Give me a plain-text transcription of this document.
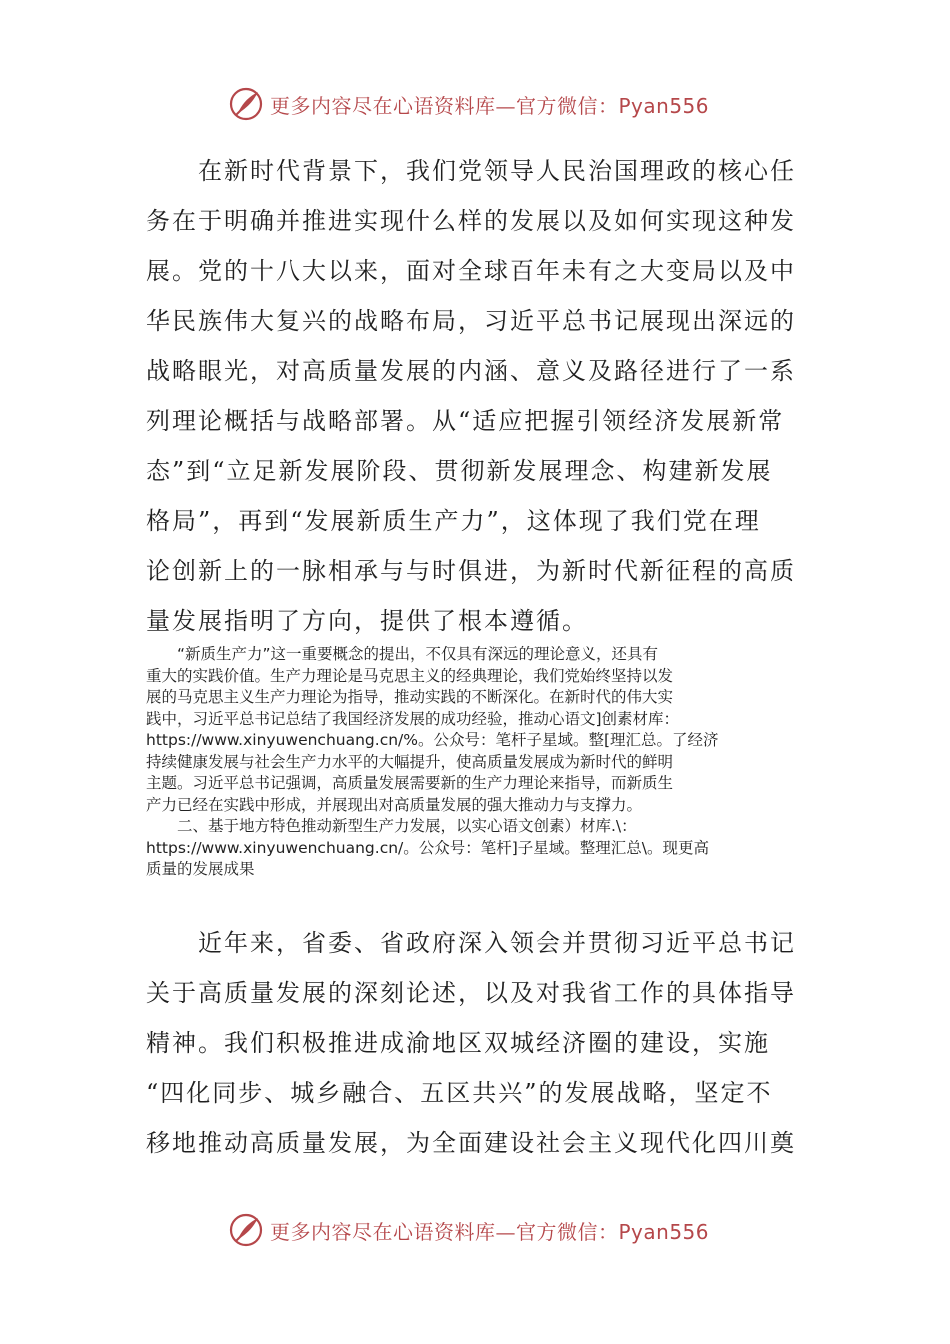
更多内容尽在心语资料库—官方微信：Pyan556
　　在新时代背景下，我们党领导人民治国理政的核心任
务在于明确并推进实现什么样的发展以及如何实现这种发
展。党的十八大以来，面对全球百年未有之大变局以及中
华民族伟大复兴的战略布局，习近平总书记展现出深远的
战略眼光，对高质量发展的内涵、意义及路径进行了一系
列理论概括与战略部署。从“适应把握引领经济发展新常
态”到“立足新发展阶段、贯彻新发展理念、构建新发展
格局”，再到“发展新质生产力”，这体现了我们党在理
论创新上的一脉相承与与时俱进，为新时代新征程的高质
量发展指明了方向，提供了根本遵循。
　　“新质生产力”这一重要概念的提出，不仅具有深远的理论意义，还具有
重大的实践价值。生产力理论是马克思主义的经典理论，我们党始终坚持以发
展的马克思主义生产力理论为指导，推动实践的不断深化。在新时代的伟大实
践中，习近平总书记总结了我国经济发展的成功经验，推动心语文]创素材库：
https://www.xinyuwenchuang.cn/%。公众号：笔杆子星域。整[理汇总。了经济
持续健康发展与社会生产力水平的大幅提升，使高质量发展成为新时代的鲜明
主题。习近平总书记强调，高质量发展需要新的生产力理论来指导，而新质生
产力已经在实践中形成，并展现出对高质量发展的强大推动力与支撑力。
　　二、基于地方特色推动新型生产力发展，以实心语文创素）材库.\：
https://www.xinyuwenchuang.cn/。公众号：笔杆]子星域。整理汇总\。现更高
质量的发展成果
　　近年来，省委、省政府深入领会并贯彻习近平总书记
关于高质量发展的深刻论述，以及对我省工作的具体指导
精神。我们积极推进成渝地区双城经济圈的建设，实施
“四化同步、城乡融合、五区共兴”的发展战略，坚定不
移地推动高质量发展，为全面建设社会主义现代化四川奠
更多内容尽在心语资料库—官方微信：Pyan556
